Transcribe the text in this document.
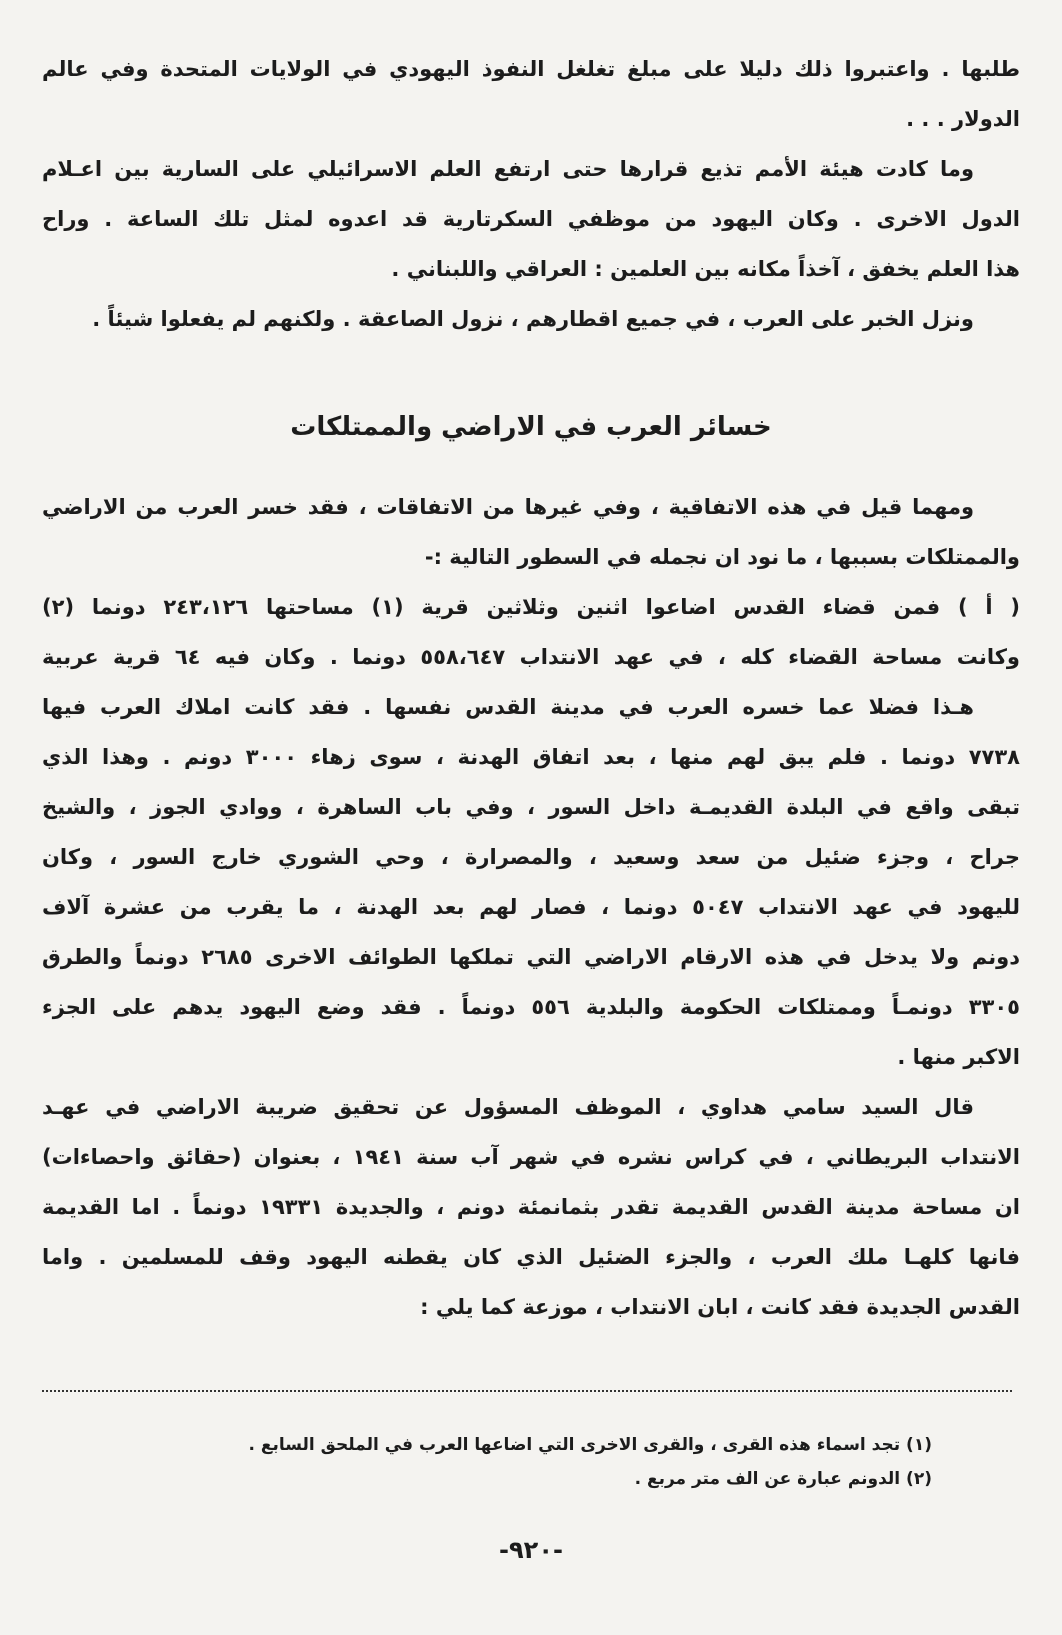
طلبها . واعتبروا ذلك دليلا على مبلغ تغلغل النفوذ اليهودي في الولايات المتحدة وفي عالم
الدولار . . .
وما كادت هيئة الأمم تذيع قرارها حتى ارتفع العلم الاسرائيلي على السارية بين اعـلام
الدول الاخرى . وكان اليهود من موظفي السكرتارية قد اعدوه لمثل تلك الساعة . وراح
هذا العلم يخفق ، آخذاً مكانه بين العلمين : العراقي واللبناني .
ونزل الخبر على العرب ، في جميع اقطارهم ، نزول الصاعقة . ولكنهم لم يفعلوا شيئاً .
خسائر العرب في الاراضي والممتلكات
ومهما قيل في هذه الاتفاقية ، وفي غيرها من الاتفاقات ، فقد خسر العرب من الاراضي
والممتلكات بسببها ، ما نود ان نجمله في السطور التالية :-
( أ ) فمن قضاء القدس اضاعوا اثنين وثلاثين قرية (١) مساحتها ٢٤٣،١٢٦ دونما (٢)
وكانت مساحة القضاء كله ، في عهد الانتداب ٥٥٨،٦٤٧ دونما . وكان فيه ٦٤ قرية عربية
هـذا فضلا عما خسره العرب في مدينة القدس نفسها . فقد كانت املاك العرب فيها
٧٧٣٨ دونما . فلم يبق لهم منها ، بعد اتفاق الهدنة ، سوى زهاء ٣٠٠٠ دونم . وهذا الذي
تبقى واقع في البلدة القديمـة داخل السور ، وفي باب الساهرة ، ووادي الجوز ، والشيخ
جراح ، وجزء ضئيل من سعد وسعيد ، والمصرارة ، وحي الشوري خارج السور ، وكان
لليهود في عهد الانتداب ٥٠٤٧ دونما ، فصار لهم بعد الهدنة ، ما يقرب من عشرة آلاف
دونم ولا يدخل في هذه الارقام الاراضي التي تملكها الطوائف الاخرى ٢٦٨٥ دونماً والطرق
٣٣٠٥ دونمـاً وممتلكات الحكومة والبلدية ٥٥٦ دونماً . فقد وضع اليهود يدهم على الجزء
الاكبر منها .
قال السيد سامي هداوي ، الموظف المسؤول عن تحقيق ضريبة الاراضي في عهـد
الانتداب البريطاني ، في كراس نشره في شهر آب سنة ١٩٤١ ، بعنوان (حقائق واحصاءات)
ان مساحة مدينة القدس القديمة تقدر بثمانمئة دونم ، والجديدة ١٩٣٣١ دونماً . اما القديمة
فانها كلهـا ملك العرب ، والجزء الضئيل الذي كان يقطنه اليهود وقف للمسلمين . واما
القدس الجديدة فقد كانت ، ابان الانتداب ، موزعة كما يلي :
(١) تجد اسماء هذه القرى ، والقرى الاخرى التي اضاعها العرب في الملحق السابع .
(٢) الدونم عبارة عن الف متر مربع .
-٩٢٠-
